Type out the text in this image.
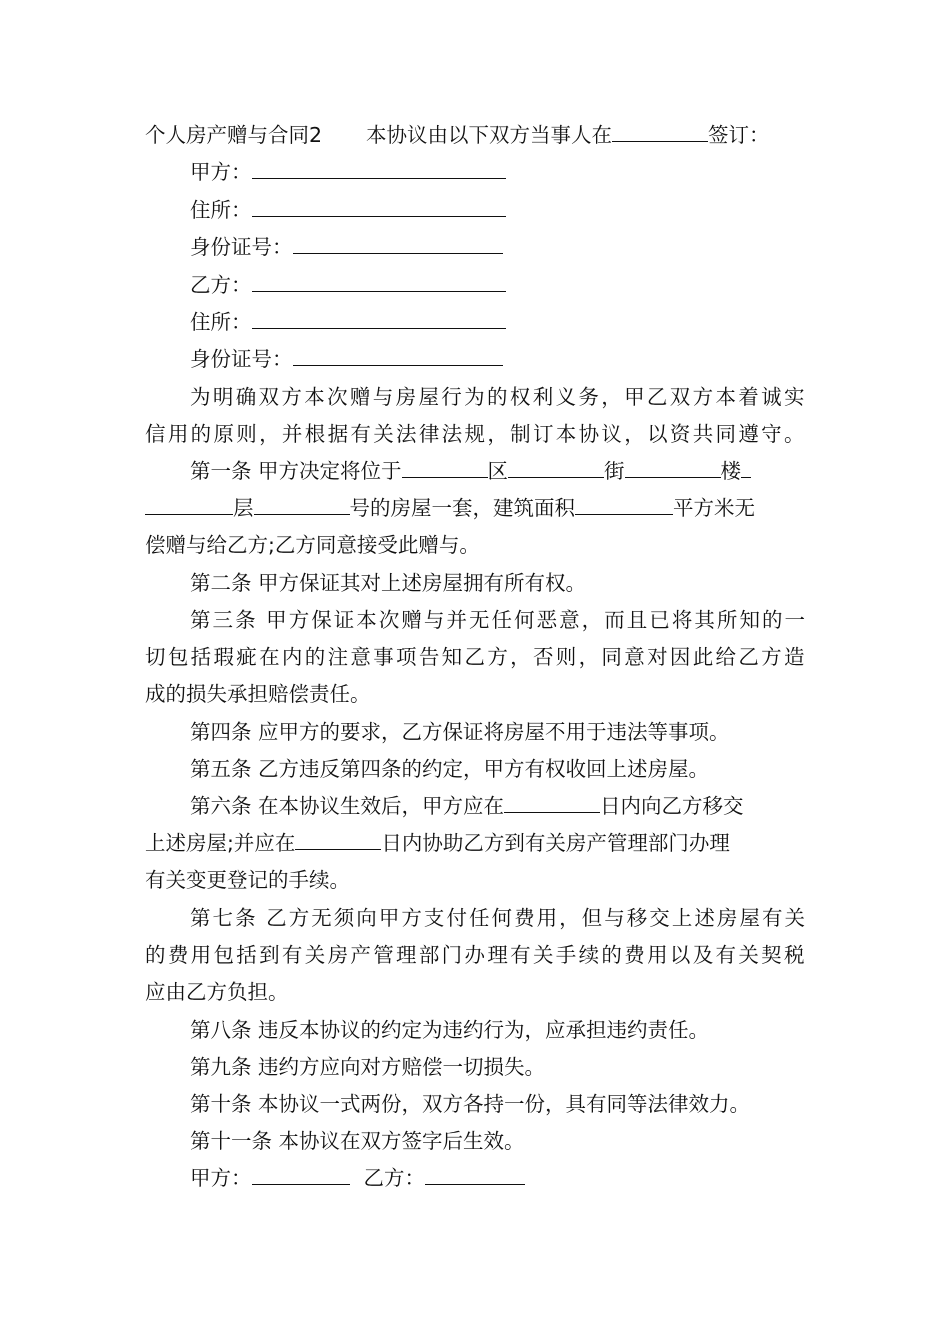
个人房产赠与合同2 本协议由以下双方当事人在	签订：
甲方：
住所：
身份证号：
乙方：
住所：
身份证号：
为明确双方本次赠与房屋行为的权利义务，甲乙双方本着诚实
信用的原则，并根据有关法律法规，制订本协议，以资共同遵守。
第一条 甲方决定将位于	区	街	楼
层	号的房屋一套，建筑面积	平方米无
偿赠与给乙方;乙方同意接受此赠与。
第二条 甲方保证其对上述房屋拥有所有权。
第三条 甲方保证本次赠与并无任何恶意，而且已将其所知的一
切包括瑕疵在内的注意事项告知乙方，否则，同意对因此给乙方造
成的损失承担赔偿责任。
第四条 应甲方的要求，乙方保证将房屋不用于违法等事项。
第五条 乙方违反第四条的约定，甲方有权收回上述房屋。
第六条 在本协议生效后，甲方应在	日内向乙方移交
上述房屋;并应在	日内协助乙方到有关房产管理部门办理
有关变更登记的手续。
第七条 乙方无须向甲方支付任何费用，但与移交上述房屋有关
的费用包括到有关房产管理部门办理有关手续的费用以及有关契税
应由乙方负担。
第八条 违反本协议的约定为违约行为，应承担违约责任。
第九条 违约方应向对方赔偿一切损失。
第十条 本协议一式两份，双方各持一份，具有同等法律效力。
第十一条 本协议在双方签字后生效。
甲方：	乙方：
